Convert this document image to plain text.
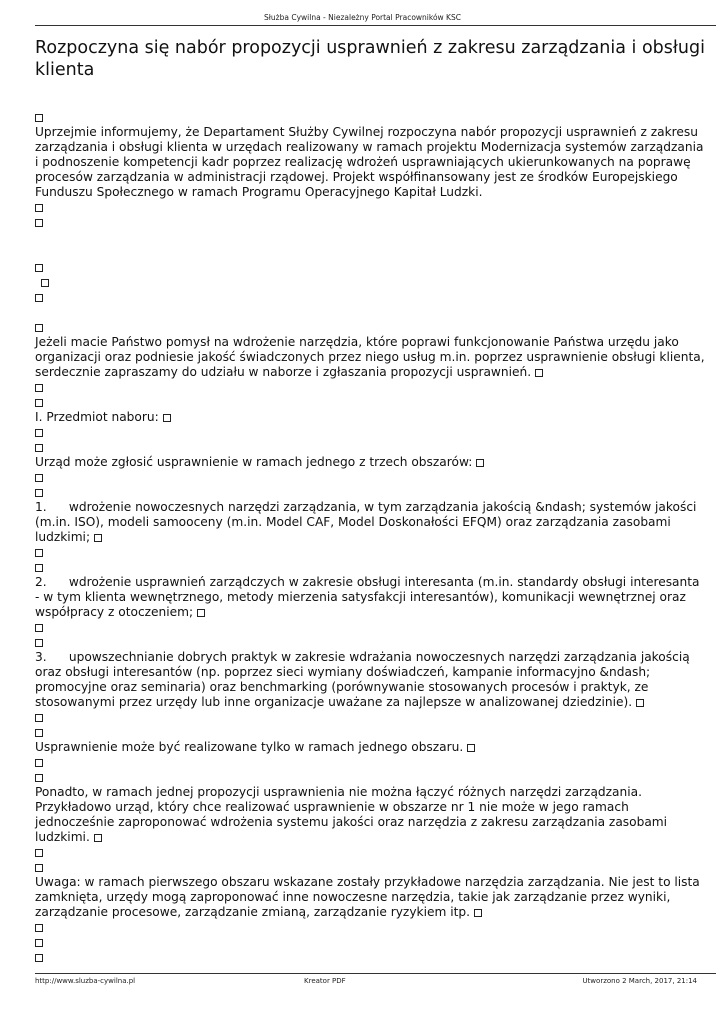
Służba Cywilna - Niezależny Portal Pracowników KSC
Rozpoczyna się nabór propozycji usprawnień z zakresu zarządzania i obsługi klienta
Uprzejmie informujemy, że Departament Służby Cywilnej rozpoczyna nabór propozycji usprawnień z zakresu zarządzania i obsługi klienta w urzędach realizowany w ramach projektu Modernizacja systemów zarządzania i podnoszenie kompetencji kadr poprzez realizację wdrożeń usprawniających ukierunkowanych na poprawę procesów zarządzania w administracji rządowej. Projekt współfinansowany jest ze środków Europejskiego Funduszu Społecznego w ramach Programu Operacyjnego Kapitał Ludzki.
Jeżeli macie Państwo pomysł na wdrożenie narzędzia, które poprawi funkcjonowanie Państwa urzędu jako organizacji oraz podniesie jakość świadczonych przez niego usług m.in. poprzez usprawnienie obsługi klienta, serdecznie zapraszamy do udziału w naborze i zgłaszania propozycji usprawnień.
I. Przedmiot naboru:
Urząd może zgłosić usprawnienie w ramach jednego z trzech obszarów:
1. wdrożenie nowoczesnych narzędzi zarządzania, w tym zarządzania jakością &ndash; systemów jakości (m.in. ISO), modeli samooceny (m.in. Model CAF, Model Doskonałości EFQM) oraz zarządzania zasobami ludzkimi;
2. wdrożenie usprawnień zarządczych w zakresie obsługi interesanta (m.in. standardy obsługi interesanta - w tym klienta wewnętrznego, metody mierzenia satysfakcji interesantów), komunikacji wewnętrznej oraz współpracy z otoczeniem;
3. upowszechnianie dobrych praktyk w zakresie wdrażania nowoczesnych narzędzi zarządzania jakością oraz obsługi interesantów (np. poprzez sieci wymiany doświadczeń, kampanie informacyjno &ndash; promocyjne oraz seminaria) oraz benchmarking (porównywanie stosowanych procesów i praktyk, ze stosowanymi przez urzędy lub inne organizacje uważane za najlepsze w analizowanej dziedzinie).
Usprawnienie może być realizowane tylko w ramach jednego obszaru.
Ponadto, w ramach jednej propozycji usprawnienia nie można łączyć różnych narzędzi zarządzania. Przykładowo urząd, który chce realizować usprawnienie w obszarze nr 1 nie może w jego ramach jednocześnie zaproponować wdrożenia systemu jakości oraz narzędzia z zakresu zarządzania zasobami ludzkimi.
Uwaga: w ramach pierwszego obszaru wskazane zostały przykładowe narzędzia zarządzania. Nie jest to lista zamknięta, urzędy mogą zaproponować inne nowoczesne narzędzia, takie jak zarządzanie przez wyniki, zarządzanie procesowe, zarządzanie zmianą, zarządzanie ryzykiem itp.
http://www.sluzba-cywilna.pl	Kreator PDF	Utworzono 2 March, 2017, 21:14
